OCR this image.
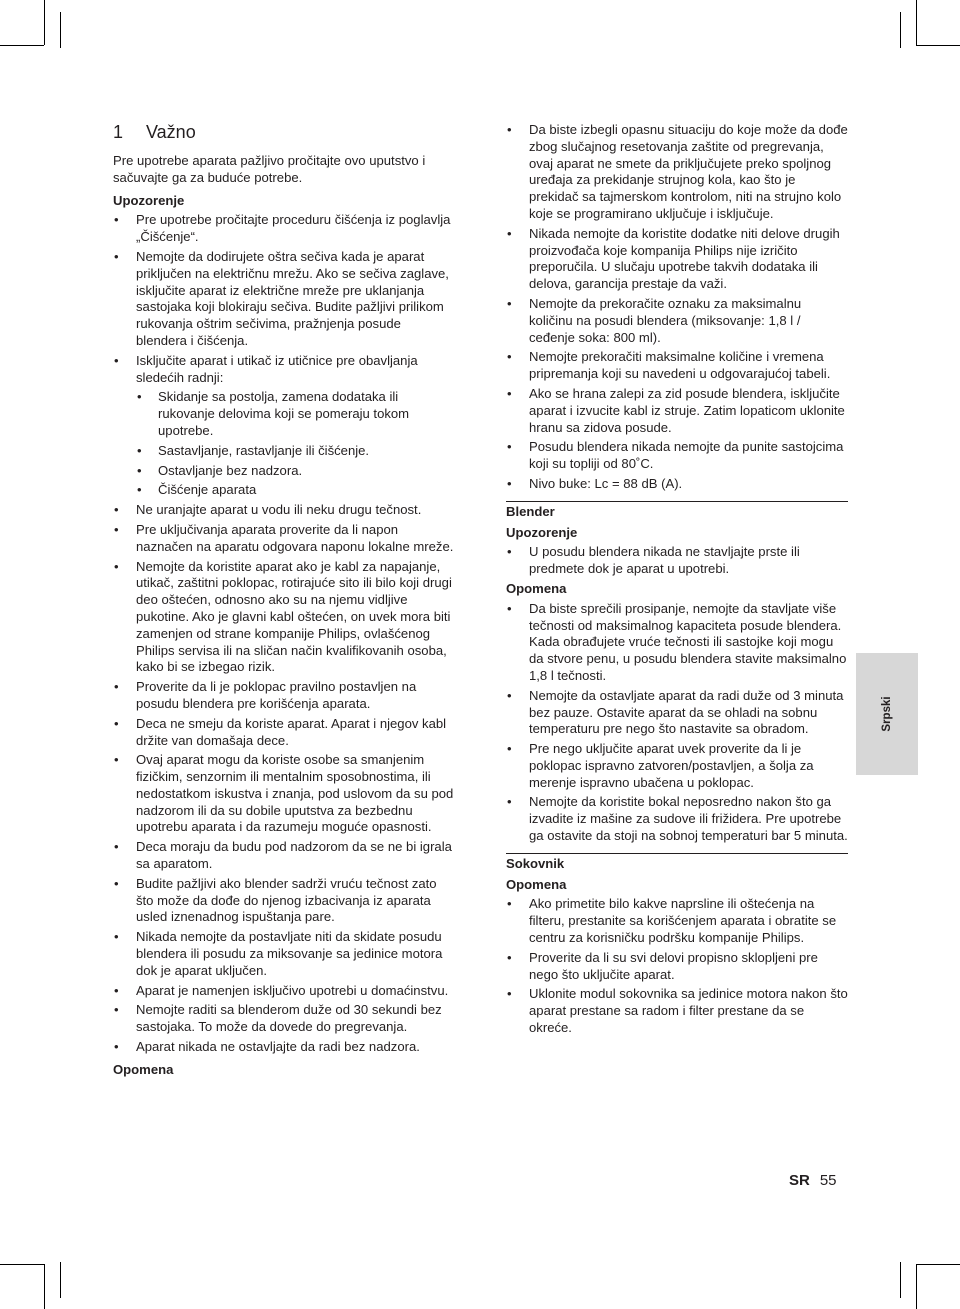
1	Važno

Pre upotrebe aparata pažljivo pročitajte ovo uputstvo i sačuvajte ga za buduće potrebe.

Upozorenje

• Pre upotrebe pročitajte proceduru čišćenja iz poglavlja „Čišćenje“.
• Nemojte da dodirujete oštra sečiva kada je aparat priključen na električnu mrežu. Ako se sečiva zaglave, isključite aparat iz električne mreže pre uklanjanja sastojaka koji blokiraju sečiva. Budite pažljivi prilikom rukovanja oštrim sečivima, pražnjenja posude blendera i čišćenja.
• Isključite aparat i utikač iz utičnice pre obavljanja sledećih radnji:
• Skidanje sa postolja, zamena dodataka ili rukovanje delovima koji se pomeraju tokom upotrebe.
• Sastavljanje, rastavljanje ili čišćenje.
• Ostavljanje bez nadzora.
• Čišćenje aparata
• Ne uranjajte aparat u vodu ili neku drugu tečnost.
• Pre uključivanja aparata proverite da li napon naznačen na aparatu odgovara naponu lokalne mreže.
• Nemojte da koristite aparat ako je kabl za napajanje, utikač, zaštitni poklopac, rotirajuće sito ili bilo koji drugi deo oštećen, odnosno ako su na njemu vidljive pukotine. Ako je glavni kabl oštećen, on uvek mora biti zamenjen od strane kompanije Philips, ovlašćenog Philips servisa ili na sličan način kvalifikovanih osoba, kako bi se izbegao rizik.
• Proverite da li je poklopac pravilno postavljen na posudu blendera pre korišćenja aparata.
• Deca ne smeju da koriste aparat. Aparat i njegov kabl držite van domašaja dece.
• Ovaj aparat mogu da koriste osobe sa smanjenim fizičkim, senzornim ili mentalnim sposobnostima, ili nedostatkom iskustva i znanja, pod uslovom da su pod nadzorom ili da su dobile uputstva za bezbednu upotrebu aparata i da razumeju moguće opasnosti.
• Deca moraju da budu pod nadzorom da se ne bi igrala sa aparatom.
• Budite pažljivi ako blender sadrži vruću tečnost zato što može da dođe do njenog izbacivanja iz aparata usled iznenadnog ispuštanja pare.
• Nikada nemojte da postavljate niti da skidate posudu blendera ili posudu za miksovanje sa jedinice motora dok je aparat uključen.
• Aparat je namenjen isključivo upotrebi u domaćinstvu.
• Nemojte raditi sa blenderom duže od 30 sekundi bez sastojaka. To može da dovede do pregrevanja.
• Aparat nikada ne ostavljajte da radi bez nadzora.

Opomena

• Da biste izbegli opasnu situaciju do koje može da dođe zbog slučajnog resetovanja zaštite od pregrevanja, ovaj aparat ne smete da priključujete preko spoljnog uređaja za prekidanje strujnog kola, kao što je prekidač sa tajmerskom kontrolom, niti na strujno kolo koje se programirano uključuje i isključuje.
• Nikada nemojte da koristite dodatke niti delove drugih proizvođača koje kompanija Philips nije izričito preporučila. U slučaju upotrebe takvih dodataka ili delova, garancija prestaje da važi.
• Nemojte da prekoračite oznaku za maksimalnu količinu na posudi blendera (miksovanje: 1,8 l / ceđenje soka: 800 ml).
• Nemojte prekoračiti maksimalne količine i vremena pripremanja koji su navedeni u odgovarajućoj tabeli.
• Ako se hrana zalepi za zid posude blendera, isključite aparat i izvucite kabl iz struje. Zatim lopaticom uklonite hranu sa zidova posude.
• Posudu blendera nikada nemojte da punite sastojcima koji su topliji od 80˚C.
• Nivo buke: Lc = 88 dB (A).
Blender

Upozorenje

• U posudu blendera nikada ne stavljajte prste ili predmete dok je aparat u upotrebi.

Opomena

• Da biste sprečili prosipanje, nemojte da stavljate više tečnosti od maksimalnog kapaciteta posude blendera. Kada obrađujete vruće tečnosti ili sastojke koji mogu da stvore penu, u posudu blendera stavite maksimalno 1,8 l tečnosti.
• Nemojte da ostavljate aparat da radi duže od 3 minuta bez pauze. Ostavite aparat da se ohladi na sobnu temperaturu pre nego što nastavite sa obradom.
• Pre nego uključite aparat uvek proverite da li je poklopac ispravno zatvoren/postavljen, a šolja za merenje ispravno ubačena u poklopac.
• Nemojte da koristite bokal neposredno nakon što ga izvadite iz mašine za sudove ili frižidera. Pre upotrebe ga ostavite da stoji na sobnoj temperaturi bar 5 minuta.
Sokovnik

Opomena

• Ako primetite bilo kakve naprsline ili oštećenja na filteru, prestanite sa korišćenjem aparata i obratite se centru za korisničku podršku kompanije Philips.
• Proverite da li su svi delovi propisno sklopljeni pre nego što uključite aparat.
• Uklonite modul sokovnika sa jedinice motora nakon što aparat prestane sa radom i filter prestane da se okreće.
Srpski
SR 55
